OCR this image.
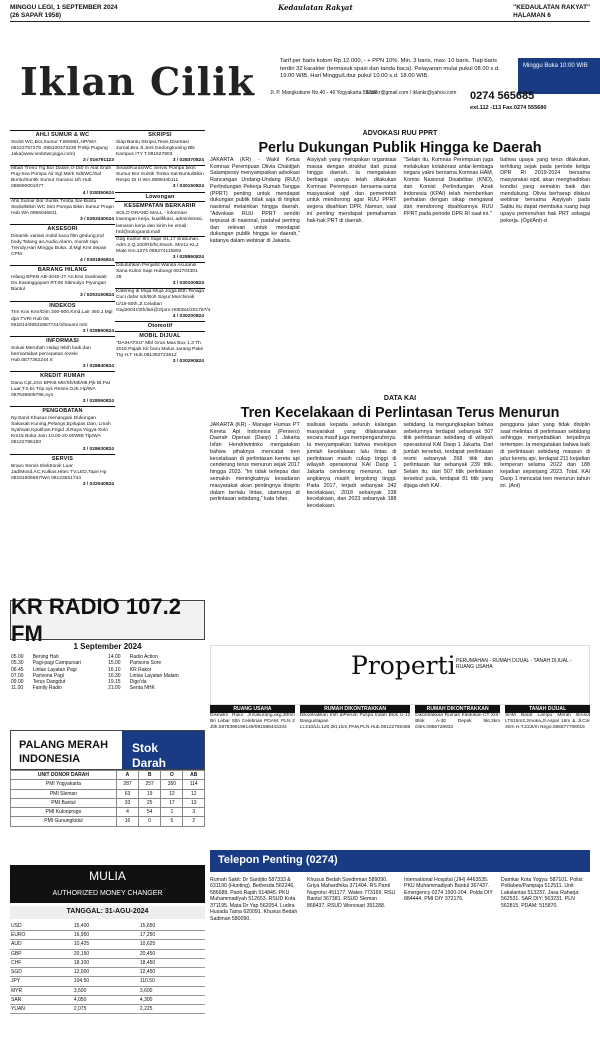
MINGGU LEGI, 1 SEPTEMBER 2024
(26 SAPAR 1958)
Kedaulatan Rakyat	"KEDAULATAN RAKYAT"
HALAMAN 6
Iklan Cilik	Tarif per baris kolom Rp.12.000, - + PPN 10%. Min. 3 baris, max. 10 baris. Tiap baris terdiri 32 karakter (termasuk spasi dan tanda baca). Pelayanan mulai pukul 08.00 s.d. 19.00 WIB. Hari Minggu/Libur pukul 10.00 s.d. 18.00 WIB.
Minggu Buka 10:00 WIB
Jl. P. Mangkubumi No.40 - 46 Yogyakarta 55232
iklankr@gmail.com / iklankr@yahoo.com 0274 565685
ext.112 -113 Fax.0274 555680
AHLI SUMUR & WC

Sedot WC,Bor,Sumur T.806891,HP/WA 08122757279 ,085100473235 P.Wiji Pugung Jaka(www.sedotwcjogja.com)

3 / 016791123

Mbah Treno Tlg Bor Dalam 0-150 m Alat Sndri Pug-Sva Pompa Air Sgl Merk Sdt/WC/Sal Buntu/Suntik Sumur Garansi 1th Hub 085690001077

4 / 028350624

Ahli Sumur Bor Suntik Timba Sal-Buntu Sedot/Bikin WC Sim Pompa Bikin Sumur Prapn Hub WA 0856046811

3 / 0283340024
AKSESORI

Dinamik variasi mobil kaca film gedung,Ind body,Tatang air,Audio,Alarm, murah raja Trendy,Hari Minggu Buka. Jl.Mgl Kmt depan CPM.

4 / 0381806824
BARANG HILANG

Hilang BPKB AB-4040-JT An.Emi Susilowati Dn.Karanggayam RT.06 Sitimulyo Piyungan Bantul

3 / 0293190824
INDEKOS

Trm Kos Kmr/Dim 300-600,Kmd,Lair 450,J.Mgl dpn TVRI Hub 06 561814/08522887744/3/Saumi Intri

3 / 028890824
INFORMASI

Solusi Meruhah Hidup lebih baik dan bermartabat percepatan rezeki Hub.0877362244 8

3 / 028840824
KREDIT RUMAH

Dana Cpt,Jmn BPKB Mtr/Sh/Mb/08,Pjk Bl,Pat Luar,T.0,ks Trip sys Resmi OJK.Hp/WA 087838609798,Ayo

3 / 028060824
PENGOBATAN

Ny.Sanit Khusus menangani Dukungan Sakasait Kuning,Pelangs,Epilupas Dan, Lmah Syahwat,Kputihan,Frigid Jl.Raya Yogya-Solo Km15 Buka Jam 10.00-20.00WIB Tlp/WA 08122785193

3 / 028630824
SERVIS

Bravo Servis Elektronik Luar Jad/Mosd,AC,Kulkas,Hitec TV,LED,Tape Hp 08191505597/WA 08123551744

3 / 032040824
SKRIPSI

Siap Bantu Skripsi,Tesis,Disertasi Jurnal,Bra Jl.Jenl.Gedongkuning Blk Kampus ITY T.081627803

3 / 028370824

Sedot/Kuras/WC Servis Pompa bikin Sumur Bor Suntik Timba Sal-Buntu/Bikin Respo DI H.WA.089944b111

3 / 030150824
Lowongan
KESEMPATAN BERKARIR

SOLO GRAND MALL - informasi lowongan kerja, kualifikasi, administrasi, lamaran kerja dan kirim ke email: hrd@sologrand.mall

Gdg Kantor 8m Sapir 81,17 Srabuhan. Adm 2,Q,100/Rb/hr,Srwck. Mm1x KLJ Mate Km.1274 085274115892

3 / 028860824

Dibutuhkan Penjahit Wanita Asuransi Sana Kulon Sapi Hubungi 081704301 28

3 / 030100824

Katering di Muja-Muja Jogja Btth Tenaga Cuci dafar sdr/Boh Sayur,Murchinak U/18-50th,Jl.Celaban Gaji2004r/2th/lari@2/jam.H08354/201787/4

4 / 030200824
Otomotif
MOBIL DIJUAL

"DAIHATSU" Mbl Gran Max Box 1.3 Th 2015 Pajaik Kir baru Mulus Jarang Pake Trg H.T Hub.081392723612

3 / 030290824
ADVOKASI RUU PPRT
Perlu Dukungan Publik Hingga ke Daerah
JAKARTA (KR) - Wakil Ketua Komnas Perempuan Olivia Chaidijah Salampessy menyampaikan advokasi Rancangan Undang-Undang (RUU) Perlindungan Pekerja Rumah Tangga (PPRT) penting untuk mendapat dukungan publik tidak saja di tingkat nasional melainkan hingga daerah. "Advokasi RUU PPRT sendiri terpusat di nasional, padahal penting dan relevan untuk mendapat dukungan publik hingga ke daerah," katanya dalam webinar di Jakarta.
Aisyiyah yang merupakan organisasi massa dengan struktur dari pusat hingga daerah. Ia mengatakan berbagai upaya telah dilakukan Komnas Perempuan bersama-sama masyarakat sipil dan pemerintah untuk mendorong agar RUU PPRT segera disahkan DPR. Namun, saat ini penting mendapat pemahaman hak-hak PRT di daerah.
"Selain itu, Komnas Perempuan juga melakukan kolaborasi antar-lembaga negara yakni bersama Komnas HAM, Komisi Nasional Disabilitas (KND), dan Komisi Perlindungan Anak Indonesia (KPAI) telah memberikan perhatian dengan sikap mengawal dan mendorong disahkannya RUU PPRT pada periode DPR RI saat ini."
bahwa upaya yang terus dilakukan, terhitung sejak pada periode ketiga DPR RI 2019-2024 bersama masyarakat sipil, akan menghadirkan kondisi yang semakin baik dan mendukung. Olivia berharap diskusi webinar bersama Aisyiyah pada Sabtu itu dapat membuka ruang bagi upaya pemenuhan hak PRT sebagai pekerja. (Ogi/Ant)-d
DATA KAI
Tren Kecelakaan di Perlintasan Terus Menurun
JAKARTA (KR) - Manajer Humas PT Kereta Api Indonesia (Persero) Daerah Operasi (Daop) 1 Jakarta Ixfan Hendriwintoko mengatakan bahwa pihaknya mencatat tren kecelakaan di perlintasan kereta api cenderung terus menurun sejak 2017 hingga 2023. "Ini tidak terlepas dari semakin meningkatnya kesadaran masyarakat akan pentingnya disiplin dalam berlalu lintas, utamanya di perlintasan sebidang," kata Ixfan.
sialisasi kepada seluruh kalangan masyarakat yang dilaksanakan secara masif juga mempengaruhinya. Ia menyampaikan bahwa meskipun jumlah kecelakaan lalu lintas di perlintasan masih cukup tinggi di wilayah operasional KAI Daop 1 Jakarta cenderung menurun, tapi angkanya masih tergolong tinggi. Pada 2017, terjadi sebanyak 242 kecelakaan, 2018 sebanyak 238 kecelakaan, dan 2023 sebanyak 188 kecelakaan.
sebidang. Ia mengungkapkan bahwa sebelumnya terdapat sebanyak 507 titik perlintasan sebidang di wilayah operasional KAI Daop 1 Jakarta. Dari jumlah tersebut, terdapat perlintasan resmi sebanyak 268 titik dan perlintasan liar sebanyak 239 titik. Selain itu, dari 507 titik perlintasan tersebut pula, terdapat 81 titik yang dijaga oleh KAI.
pengguna jalan yang tidak disiplin saat melintas di perlintasan sebidang sehingga menyebabkan terjadinya tertemper. Ia mengatakan bahwa baik di perlintasan sebidang maupun di jalur kereta api, terdapat 211 kejadian temperan selama 2022 dan 188 kejadian sepanjang 2023. Total, KAI Daop 1 mencatat tren menurun tahun ini. (Ant)
Properti PERUMAHAN - RUMAH DIJUAL - TANAH DIJUAL - RUANG USAHA
RUANG USAHA

Disewkn Ruko Jl.Kaliurang,ukg,300m Bri Lebar Sltn Celebrian PDAM, PLN 2 Jlth.0878399198149/081588443344

RUMAH DIKONTRAKKAN

Dikontrakkan rmh diPerum Puspa Indah Blok U-12 Banguntapan Lt.210/Lb.120,2kt,1km,PAM,PLN.Hub.08122765488

RUMAH DIKONTRAKKAN

Dikontrakkan Rumah Kledokan CT XIX-Blok A-30 Depok 5kt,3km Ditrs.0856728833

TANAH DIJUAL

SHM Barat Lampu Merah Brosot LT615m2,2muka,Jl.Aspal 16m & Jl.Cor 40m H.T.23Jt/m Nego.085877708015

Telepon Penting (0274)
Rumah Sakit: Dr Sardjito 587333 & 631190 (Hunting). Bethesda 562246, 586688. Panti Rapih 514845. PKU Muhammadiyah 512653. RSUD Kota 371195. Mata Dr Yap 562054. Ludira Husada Tama 620091. Khusus Bedah Sadiman 580090.
Khusus Bedah Soedirman 589090. Griya Mahardhika 371404. RS Panti Nugroho 451177. Wates 773169. RSU Bantul 367381. RSUD Sleman 868437. RSUD Wonosari 391288.
International Hospital (JIH) 4463535. PKU Muhammadiyah Bantul 367437. Emergency 0274 1500-204. Polda DIY 884444. PMI DIY 372176.
Damkar Kota Yogya: 587101. Polisi: Poltabes/Pampaja 512511. Unit Lakalantas 513237. Jasa Raharja: 562531. SAR DIY: 563231. PLN 562815. PDAM: 515870.
KR RADIO 107.2 FM
1 September 2024
05.00	Bening Hati	14.00	Radio Action
05.30	Pagi-pagi Campursari	15.00	Parisons Sore
06.45	Lintas Layatan Pagi	16.10	KR Rakor
07.00	Parivona Pagi	16.30	Lintas Layatan Malam
09.00	Terus Dangdut	19.15	Digo'da
11.00	Family Radio	21.00	Senta NHK
PALANG MERAH INDONESIA
Stok Darah
UNIT DONOR DARAH	A	B	O	AB
PMI Yogyakarta	287	257	350	114
PMI Sleman	63	19	12	12
PMI Bantul	33	25	17	13
PMI Kulonprogo	4	54	1	3
PMI Gunungkidul	16	0	5	2
MULIA
AUTHORIZED MONEY CHANGER
TANGGAL: 31-AGU-2024
USD	15,400	15,650
EURO	16,950	17,250
AUD	10,425	10,625
GBP	20,150	20,450
CHF	18,100	18,450
SGD	12,000	12,450
JPY	104.50	110.50
MYR	3,500	3,600
SAR	4,050	4,300
YUAN	2,075	2,225
